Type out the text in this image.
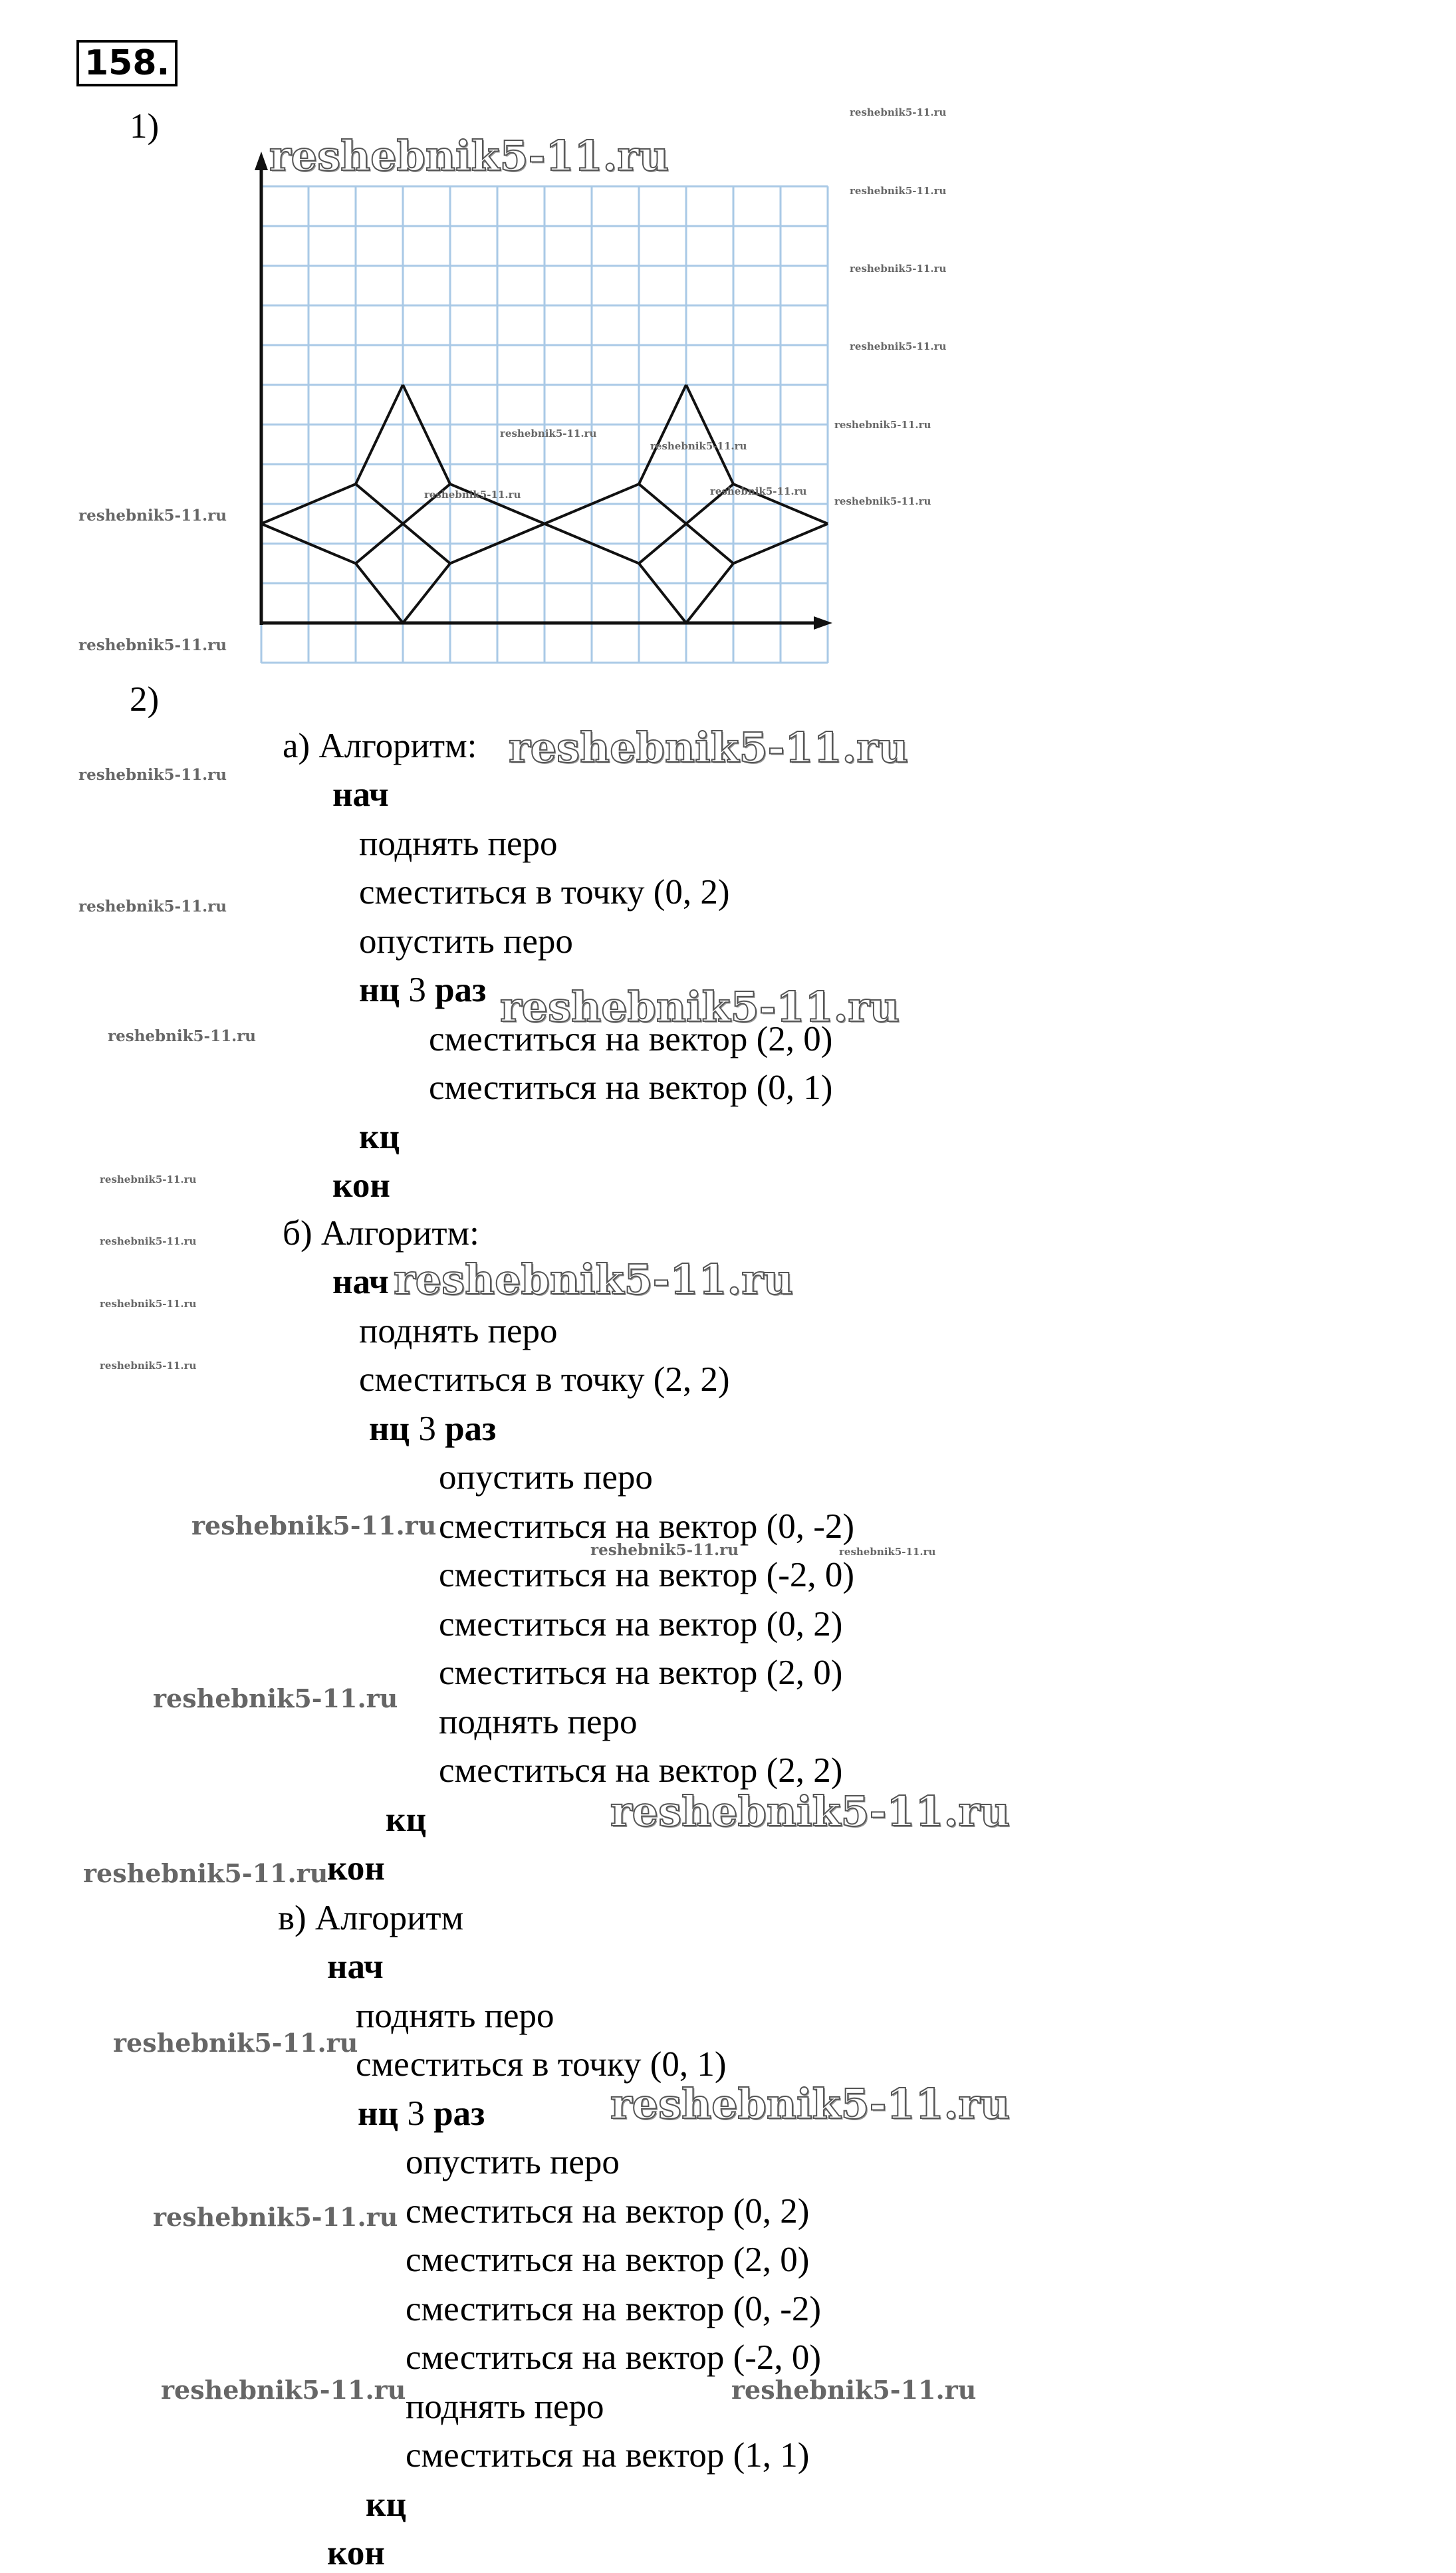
158.
1)
2)
а) Алгоритм:
нач
поднять перо
сместиться в точку (0, 2)
опустить перо
нц 3 раз
сместиться на вектор (2, 0)
сместиться на вектор (0, 1)
кц
кон
б) Алгоритм:
нач
поднять перо
сместиться в точку (2, 2)
нц 3 раз
опустить перо
сместиться на вектор (0, -2)
сместиться на вектор (-2, 0)
сместиться на вектор (0, 2)
сместиться на вектор (2, 0)
поднять перо
сместиться на вектор (2, 2)
кц
кон
в) Алгоритм
нач
поднять перо
сместиться в точку (0, 1)
нц 3 раз
опустить перо
сместиться на вектор (0, 2)
сместиться на вектор (2, 0)
сместиться на вектор (0, -2)
сместиться на вектор (-2, 0)
поднять перо
сместиться на вектор (1, 1)
кц
кон
reshebnik5-11.ru
reshebnik5-11.ru
reshebnik5-11.ru
reshebnik5-11.ru
reshebnik5-11.ru
reshebnik5-11.ru
reshebnik5-11.ru
reshebnik5-11.ru
reshebnik5-11.ru
reshebnik5-11.ru
reshebnik5-11.ru
reshebnik5-11.ru
reshebnik5-11.ru
reshebnik5-11.ru
reshebnik5-11.ru
reshebnik5-11.ru
reshebnik5-11.ru
reshebnik5-11.ru
reshebnik5-11.ru
reshebnik5-11.ru
reshebnik5-11.ru
reshebnik5-11.ru
reshebnik5-11.ru
reshebnik5-11.ru
reshebnik5-11.ru	reshebnik5-11.ru
reshebnik5-11.ru
reshebnik5-11.ru
reshebnik5-11.ru
reshebnik5-11.ru
reshebnik5-11.ru
reshebnik5-11.ru
reshebnik5-11.ru	reshebnik5-11.ru
